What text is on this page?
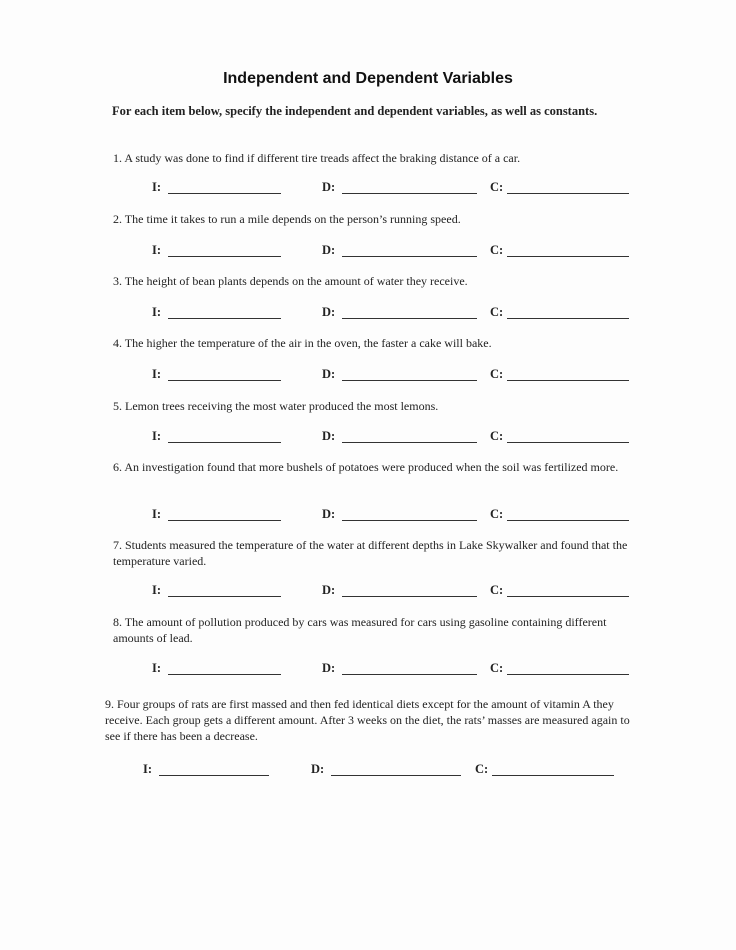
Independent and Dependent Variables
For each item below, specify the independent and dependent variables, as well as constants.
1. A study was done to find if different tire treads affect the braking distance of a car.
I:	D:	C:
2. The time it takes to run a mile depends on the person’s running speed.
I:	D:	C:
3. The height of bean plants depends on the amount of water they receive.
I:	D:	C:
4. The higher the temperature of the air in the oven, the faster a cake will bake.
I:	D:	C:
5. Lemon trees receiving the most water produced the most lemons.
I:	D:	C:
6. An investigation found that more bushels of potatoes were produced when the soil was fertilized more.
I:	D:	C:
7. Students measured the temperature of the water at different depths in Lake Skywalker and found that the temperature varied.
I:	D:	C:
8. The amount of pollution produced by cars was measured for cars using gasoline containing different amounts of lead.
I:	D:	C:
9. Four groups of rats are first massed and then fed identical diets except for the amount of vitamin A they receive. Each group gets a different amount. After 3 weeks on the diet, the rats’ masses are measured again to see if there has been a decrease.
I:	D:	C:
